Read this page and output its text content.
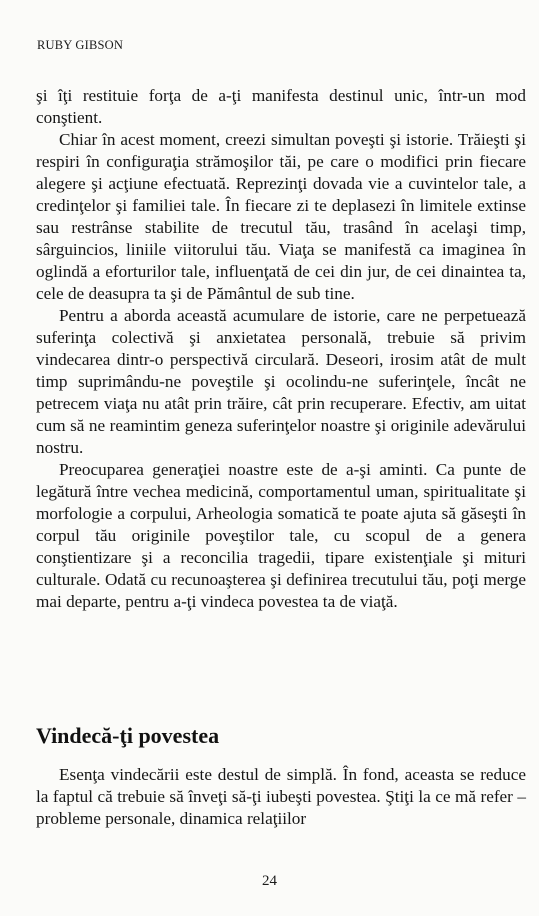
RUBY GIBSON

şi îţi restituie forţa de a-ţi manifesta destinul unic, într-un mod conştient.

Chiar în acest moment, creezi simultan poveşti şi istorie. Trăieşti şi respiri în configuraţia strămoşilor tăi, pe care o modifici prin fiecare alegere şi acţiune efectuată. Reprezinţi dovada vie a cuvintelor tale, a credinţelor şi familiei tale. În fiecare zi te deplasezi în limitele extinse sau restrânse stabilite de trecutul tău, trasând în acelaşi timp, sârguincios, liniile viitorului tău. Viaţa se manifestă ca imaginea în oglindă a eforturilor tale, influenţată de cei din jur, de cei dinaintea ta, cele de deasupra ta şi de Pământul de sub tine.

Pentru a aborda această acumulare de istorie, care ne perpetuează suferinţa colectivă şi anxietatea personală, trebuie să privim vindecarea dintr-o perspectivă circulară. Deseori, irosim atât de mult timp suprimându-ne poveştile şi ocolindu-ne suferinţele, încât ne petrecem viaţa nu atât prin trăire, cât prin recuperare. Efectiv, am uitat cum să ne reamintim geneza suferinţelor noastre şi originile adevărului nostru.

Preocuparea generaţiei noastre este de a-şi aminti. Ca punte de legătură între vechea medicină, comportamentul uman, spiritualitate şi morfologie a corpului, Arheologia somatică te poate ajuta să găseşti în corpul tău originile poveştilor tale, cu scopul de a genera conştientizare şi a reconcilia tragedii, tipare existenţiale şi mituri culturale. Odată cu recunoaşterea şi definirea trecutului tău, poţi merge mai departe, pentru a-ţi vindeca povestea ta de viaţă.

Vindecă-ţi povestea

Esenţa vindecării este destul de simplă. În fond, aceasta se reduce la faptul că trebuie să înveţi să-ţi iubeşti povestea. Ştiţi la ce mă refer – probleme personale, dinamica relaţiilor

24
